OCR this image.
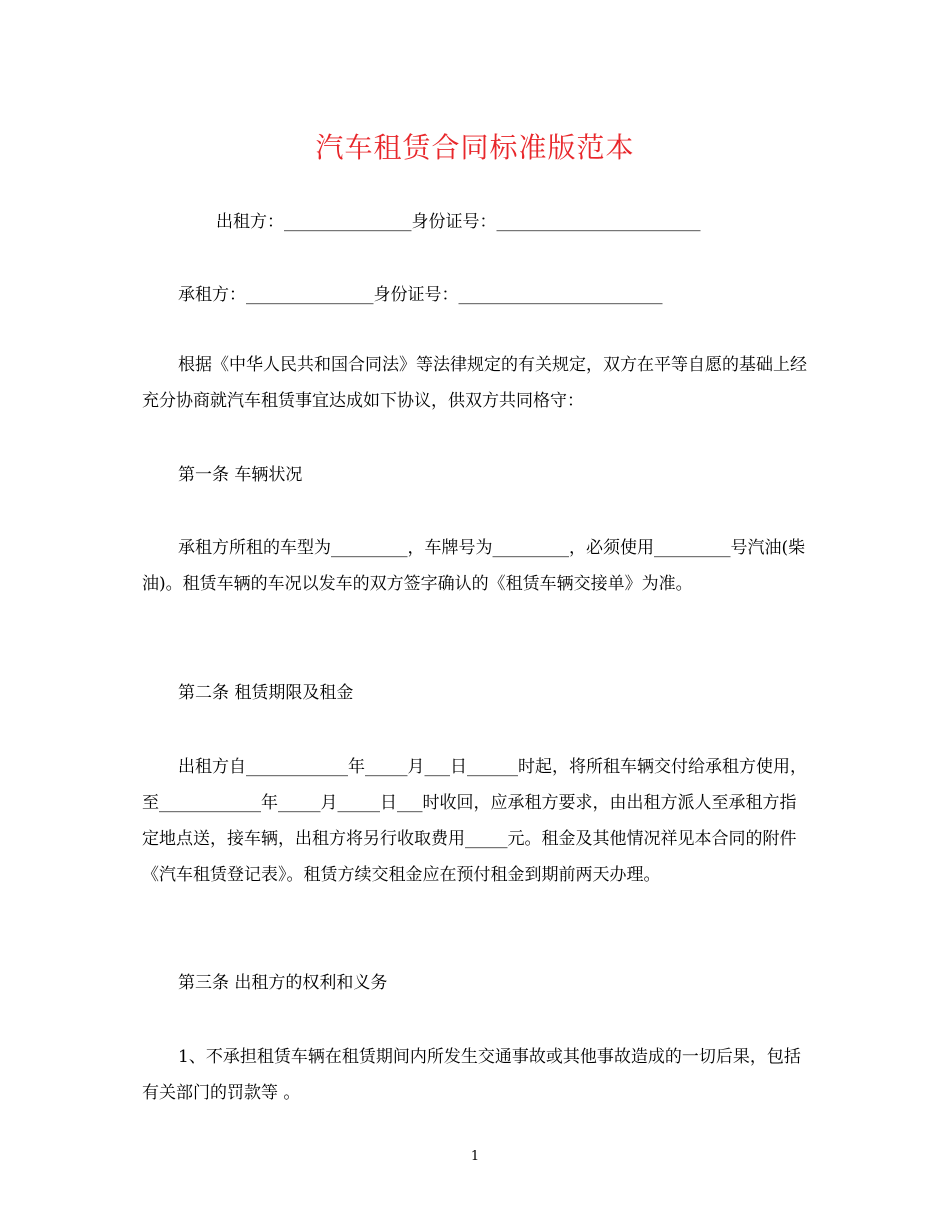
汽车租赁合同标准版范本
出租方：_______________身份证号：________________________
承租方：_______________身份证号：________________________
根据《中华人民共和国合同法》等法律规定的有关规定，双方在平等自愿的基础上经充分协商就汽车租赁事宜达成如下协议，供双方共同格守：
第一条 车辆状况
承租方所租的车型为_________，车牌号为_________，必须使用_________号汽油(柴油)。租赁车辆的车况以发车的双方签字确认的《租赁车辆交接单》为准。
第二条 租赁期限及租金
出租方自____________年_____月___日______时起，将所租车辆交付给承租方使用，至____________年_____月_____日___时收回，应承租方要求，由出租方派人至承租方指定地点送，接车辆，出租方将另行收取费用_____元。租金及其他情况祥见本合同的附件《汽车租赁登记表》。租赁方续交租金应在预付租金到期前两天办理。
第三条 出租方的权利和义务
1、不承担租赁车辆在租赁期间内所发生交通事故或其他事故造成的一切后果，包括有关部门的罚款等 。
1
